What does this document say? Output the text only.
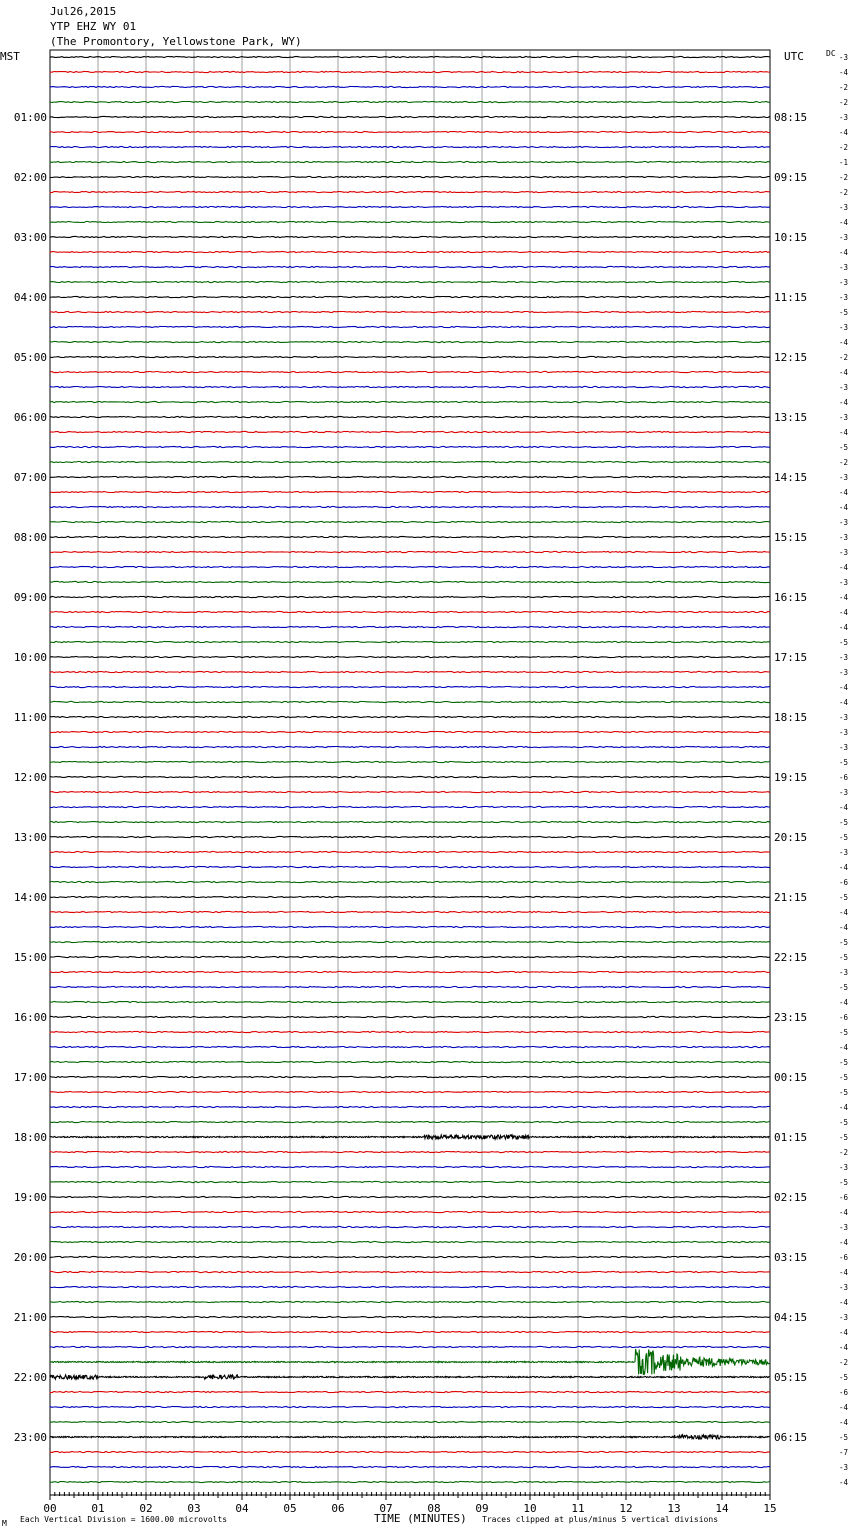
Jul26,2015
YTP EHZ WY 01
(The Promontory, Yellowstone Park, WY)
MST	UTC	DC -3
-4
-2
-2
-3
-4
-2
-1
-2
-2
-3
-4
-3
-4
-3
-3
-3
-5
-3
-4
-2
-4
-3
-4
-3
-4
-5
-2
-3
-4
-4
-3
-3
-3
-4
-3
-4
-4
-4
-5
-3
-3
-4
-4
-3
-3
-3
-5
-6
-3
-4
-5
-5
-3
-4
-6
-5
-4
-4
-5
-5
-3
-5
-4
-6
-5
-4
-5
-5
-5
-4
-5
-5
-2
-3
-5
-6
-4
-3
-4
-6
-4
-3
-4
-3
-4
-4
-2
-5
-6
-4
-4
-5
-7
-3
-4
01:00	08:15
02:00	09:15
03:00	10:15
04:00	11:15
05:00	12:15
06:00	13:15
07:00	14:15
08:00	15:15
09:00	16:15
10:00	17:15
11:00	18:15
12:00	19:15
13:00	20:15
14:00	21:15
15:00	22:15
16:00	23:15
17:00	00:15
18:00	01:15
19:00	02:15
20:00	03:15
21:00	04:15
22:00	05:15
23:00	06:15
00	01	02	03	04	05	06	07	08	09	10	11	12	13	14	15
M Each Vertical Division = 1600.00 microvolts	TIME (MINUTES) Traces clipped at plus/minus 5 vertical divisions
